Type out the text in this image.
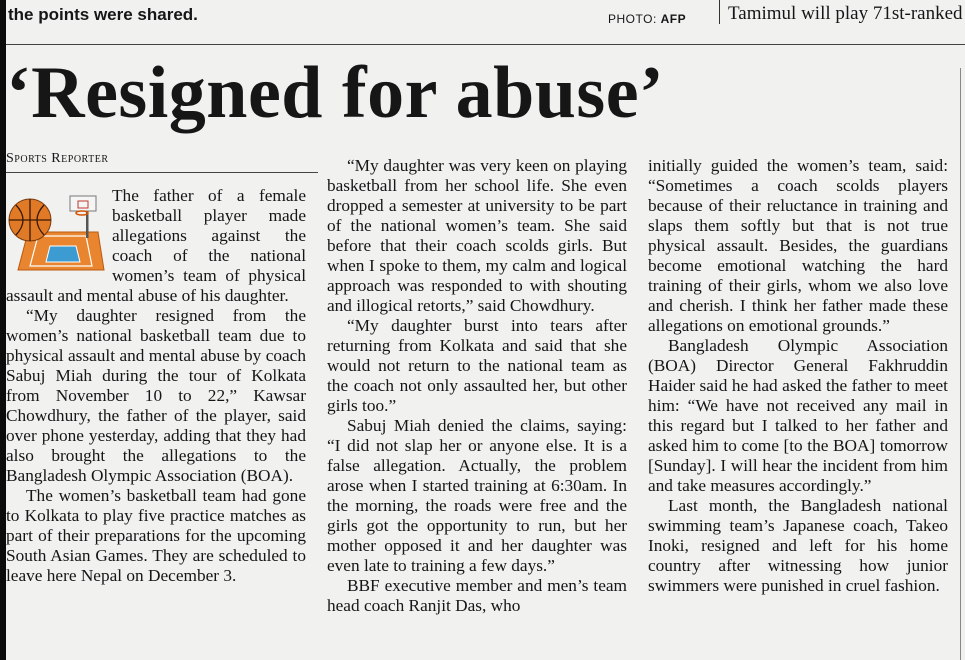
the points were shared.	PHOTO: AFP Tamimul will play 71st-ranked
‘Resigned for abuse’
Sports Reporter

The father of a female basketball player made allegations against the coach of the national women’s team of physical assault and mental abuse of his daughter.

“My daughter resigned from the women’s national basketball team due to physical assault and mental abuse by coach Sabuj Miah during the tour of Kolkata from November 10 to 22,” Kawsar Chowdhury, the father of the player, said over phone yesterday, adding that they had also brought the allegations to the Bangladesh Olympic Association (BOA).

The women’s basketball team had gone to Kolkata to play five practice matches as part of their preparations for the upcoming South Asian Games. They are scheduled to leave here Nepal on December 3.

“My daughter was very keen on playing basketball from her school life. She even dropped a semester at university to be part of the national women’s team. She said before that their coach scolds girls. But when I spoke to them, my calm and logical approach was responded to with shouting and illogical retorts,” said Chowdhury.

“My daughter burst into tears after returning from Kolkata and said that she would not return to the national team as the coach not only assaulted her, but other girls too.”

Sabuj Miah denied the claims, saying: “I did not slap her or anyone else. It is a false allegation. Actually, the problem arose when I started training at 6:30am. In the morning, the roads were free and the girls got the opportunity to run, but her mother opposed it and her daughter was even late to training a few days.”

BBF executive member and men’s team head coach Ranjit Das, who

initially guided the women’s team, said: “Sometimes a coach scolds players because of their reluctance in training and slaps them softly but that is not true physical assault. Besides, the guardians become emotional watching the hard training of their girls, whom we also love and cherish. I think her father made these allegations on emotional grounds.”

Bangladesh Olympic Association (BOA) Director General Fakhruddin Haider said he had asked the father to meet him: “We have not received any mail in this regard but I talked to her father and asked him to come [to the BOA] tomorrow [Sunday]. I will hear the incident from him and take measures accordingly.”

Last month, the Bangladesh national swimming team’s Japanese coach, Takeo Inoki, resigned and left for his home country after witnessing how junior swimmers were punished in cruel fashion.
